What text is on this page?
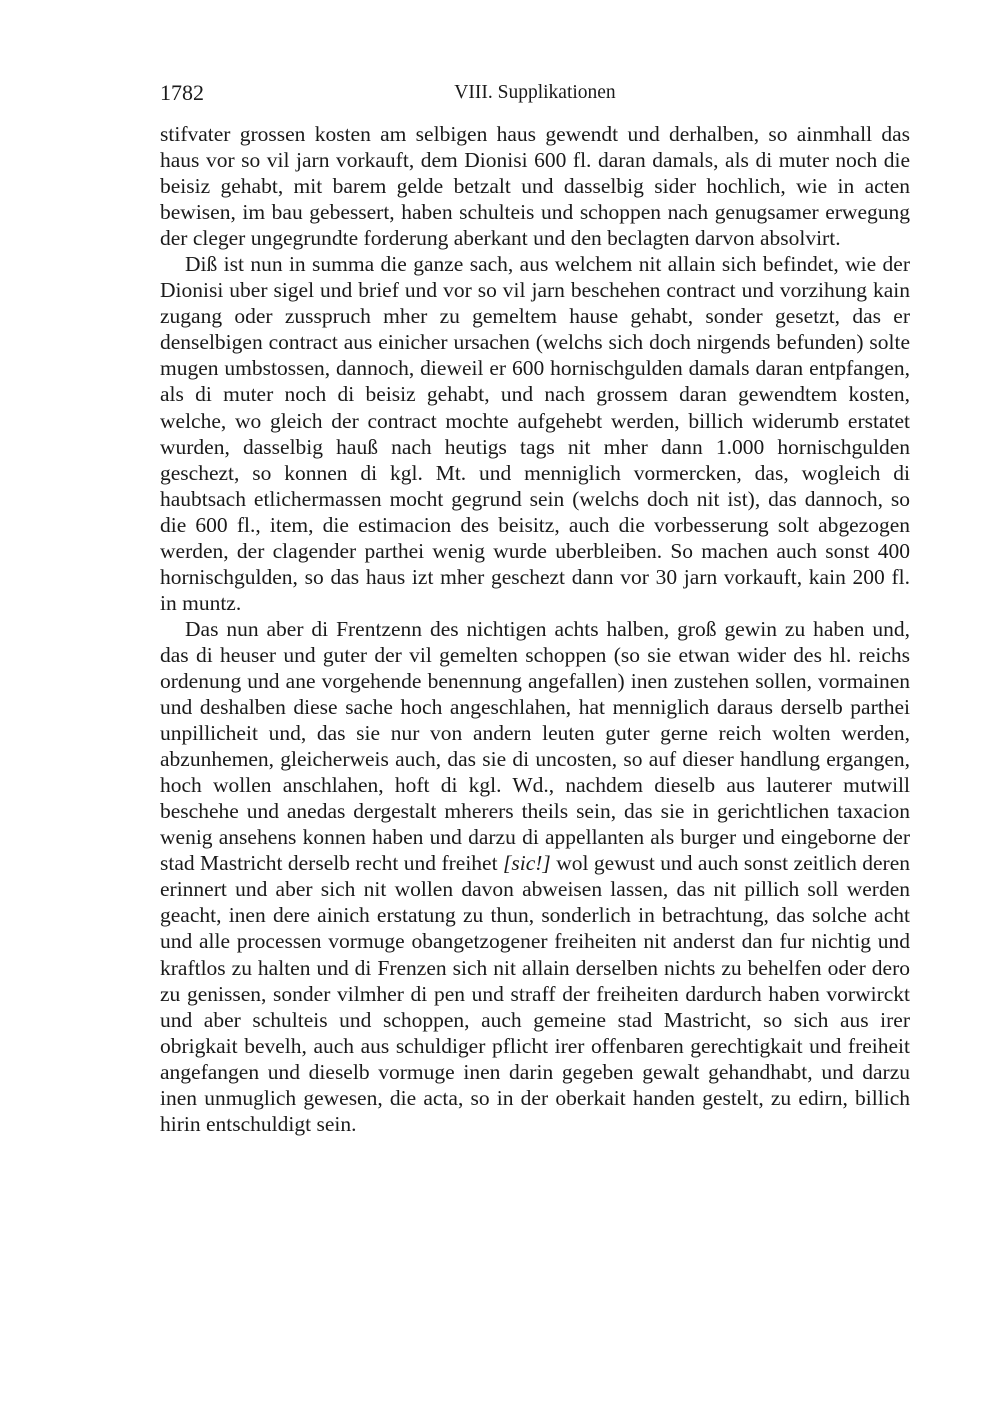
1782	VIII. Supplikationen

stifvater grossen kosten am selbigen haus gewendt und derhalben, so ainmhall das haus vor so vil jarn vorkauft, dem Dionisi 600 fl. daran damals, als di muter noch die beisiz gehabt, mit barem gelde betzalt und dasselbig sider hochlich, wie in acten bewisen, im bau gebessert, haben schulteis und schoppen nach genugsamer erwegung der cleger ungegrundte forderung aberkant und den beclagten darvon absolvirt.

Diß ist nun in summa die ganze sach, aus welchem nit allain sich befindet, wie der Dionisi uber sigel und brief und vor so vil jarn beschehen contract und vorzihung kain zugang oder zusspruch mher zu gemeltem hause gehabt, sonder gesetzt, das er denselbigen contract aus einicher ursachen (welchs sich doch nirgends befunden) solte mugen umbstossen, dannoch, dieweil er 600 hornischgulden damals daran entpfangen, als di muter noch di beisiz gehabt, und nach grossem daran gewendtem kosten, welche, wo gleich der contract mochte aufgehebt werden, billich widerumb erstatet wurden, dasselbig hauß nach heutigs tags nit mher dann 1.000 hornischgulden geschezt, so konnen di kgl. Mt. und menniglich vormercken, das, wogleich di haubtsach etlichermassen mocht gegrund sein (welchs doch nit ist), das dannoch, so die 600 fl., item, die estimacion des beisitz, auch die vorbesserung solt abgezogen werden, der clagender parthei wenig wurde uberbleiben. So machen auch sonst 400 hornischgulden, so das haus izt mher geschezt dann vor 30 jarn vorkauft, kain 200 fl. in muntz.

Das nun aber di Frentzenn des nichtigen achts halben, groß gewin zu haben und, das di heuser und guter der vil gemelten schoppen (so sie etwan wider des hl. reichs ordenung und ane vorgehende benennung angefallen) inen zustehen sollen, vormainen und deshalben diese sache hoch angeschlahen, hat menniglich daraus derselb parthei unpillicheit und, das sie nur von andern leuten guter gerne reich wolten werden, abzunhemen, gleicherweis auch, das sie di uncosten, so auf dieser handlung ergangen, hoch wollen anschlahen, hoft di kgl. Wd., nachdem dieselb aus lauterer mutwill beschehe und anedas dergestalt mherers theils sein, das sie in gerichtlichen taxacion wenig ansehens konnen haben und darzu di appellanten als burger und eingeborne der stad Mastricht derselb recht und freihet [sic!] wol gewust und auch sonst zeitlich deren erinnert und aber sich nit wollen davon abweisen lassen, das nit pillich soll werden geacht, inen dere ainich erstatung zu thun, sonderlich in betrachtung, das solche acht und alle processen vormuge obangetzogener freiheiten nit anderst dan fur nichtig und kraftlos zu halten und di Frenzen sich nit allain derselben nichts zu behelfen oder dero zu genissen, sonder vilmher di pen und straff der freiheiten dardurch haben vorwirckt und aber schulteis und schoppen, auch gemeine stad Mastricht, so sich aus irer obrigkait bevelh, auch aus schuldiger pflicht irer offenbaren gerechtigkait und freiheit angefangen und dieselb vormuge inen darin gegeben gewalt gehandhabt, und darzu inen unmuglich gewesen, die acta, so in der oberkait handen gestelt, zu edirn, billich hirin entschuldigt sein.
